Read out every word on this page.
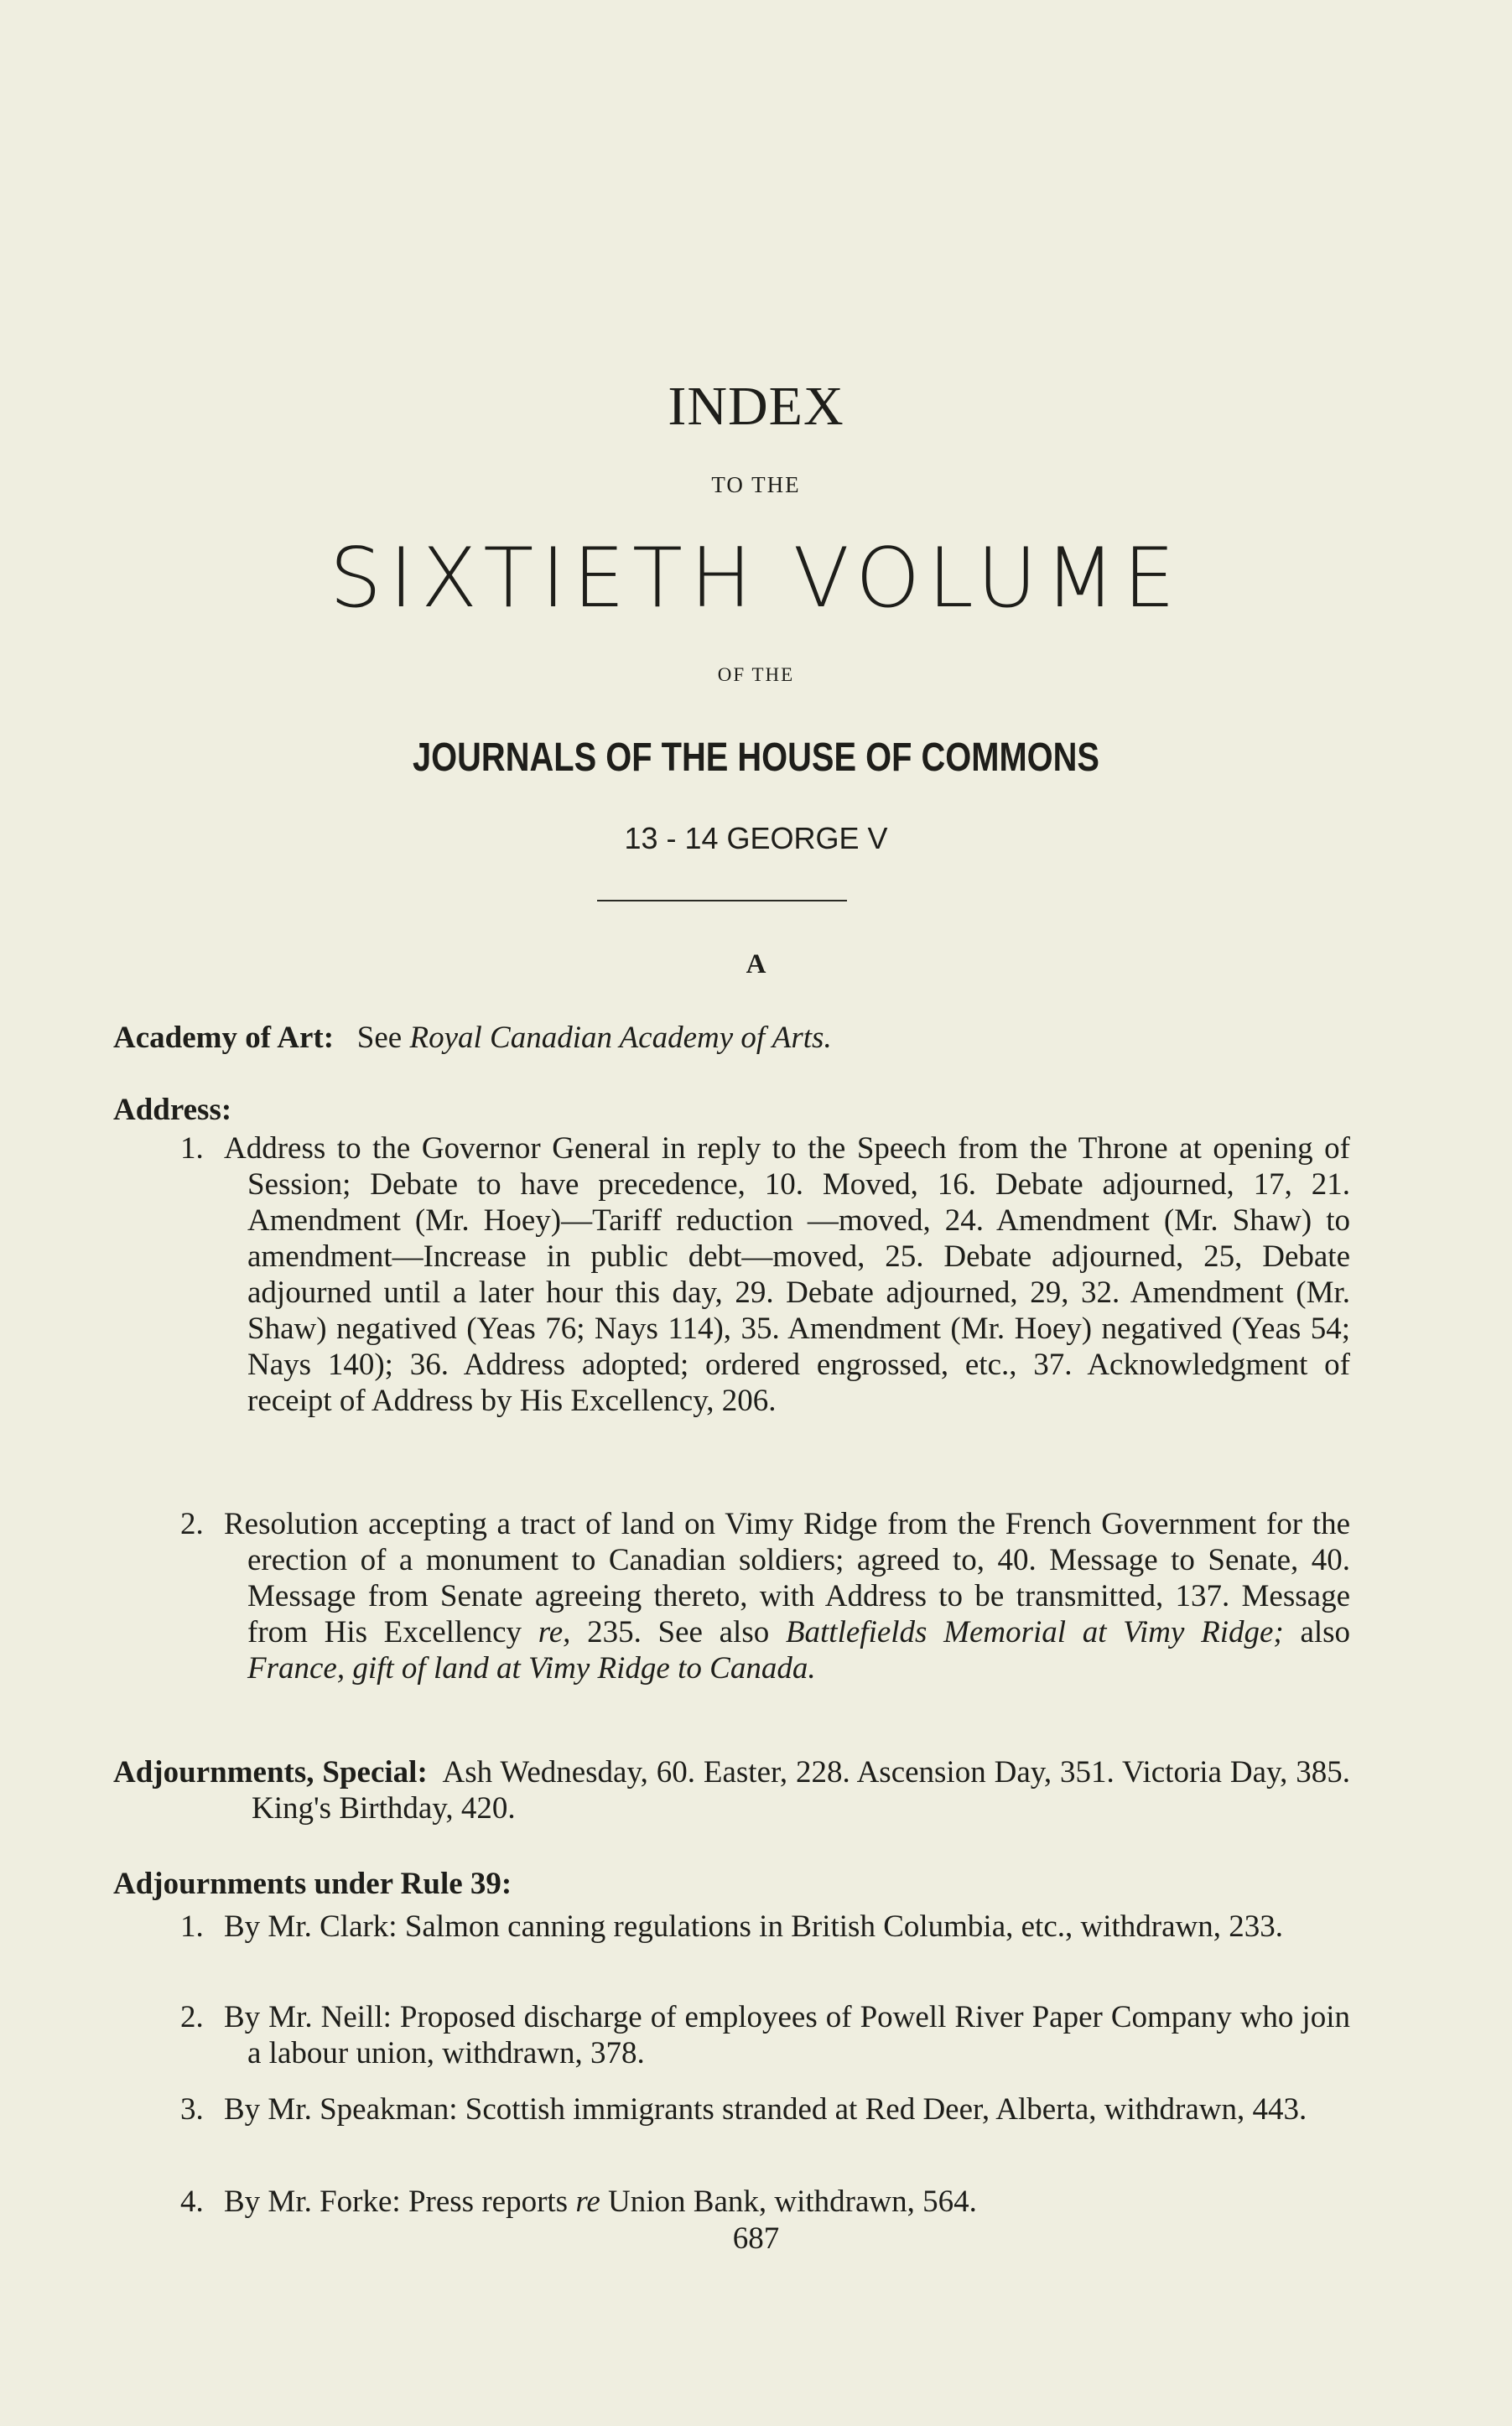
INDEX
TO THE
SIXTIETH VOLUME
OF THE
JOURNALS OF THE HOUSE OF COMMONS
13 - 14 GEORGE V
A
Academy of Art: See Royal Canadian Academy of Arts.
Address:
1. Address to the Governor General in reply to the Speech from the Throne at opening of Session; Debate to have precedence, 10. Moved, 16. Debate adjourned, 17, 21. Amendment (Mr. Hoey)—Tariff reduction —moved, 24. Amendment (Mr. Shaw) to amendment—Increase in public debt—moved, 25. Debate adjourned, 25, Debate adjourned until a later hour this day, 29. Debate adjourned, 29, 32. Amendment (Mr. Shaw) negatived (Yeas 76; Nays 114), 35. Amendment (Mr. Hoey) negatived (Yeas 54; Nays 140); 36. Address adopted; ordered engrossed, etc., 37. Acknowledgment of receipt of Address by His Excellency, 206.
2. Resolution accepting a tract of land on Vimy Ridge from the French Government for the erection of a monument to Canadian soldiers; agreed to, 40. Message to Senate, 40. Message from Senate agreeing thereto, with Address to be transmitted, 137. Message from His Excellency re, 235. See also Battlefields Memorial at Vimy Ridge; also France, gift of land at Vimy Ridge to Canada.
Adjournments, Special: Ash Wednesday, 60. Easter, 228. Ascension Day, 351. Victoria Day, 385. King's Birthday, 420.
Adjournments under Rule 39:
1. By Mr. Clark: Salmon canning regulations in British Columbia, etc., withdrawn, 233.
2. By Mr. Neill: Proposed discharge of employees of Powell River Paper Company who join a labour union, withdrawn, 378.
3. By Mr. Speakman: Scottish immigrants stranded at Red Deer, Alberta, withdrawn, 443.
4. By Mr. Forke: Press reports re Union Bank, withdrawn, 564.
687
